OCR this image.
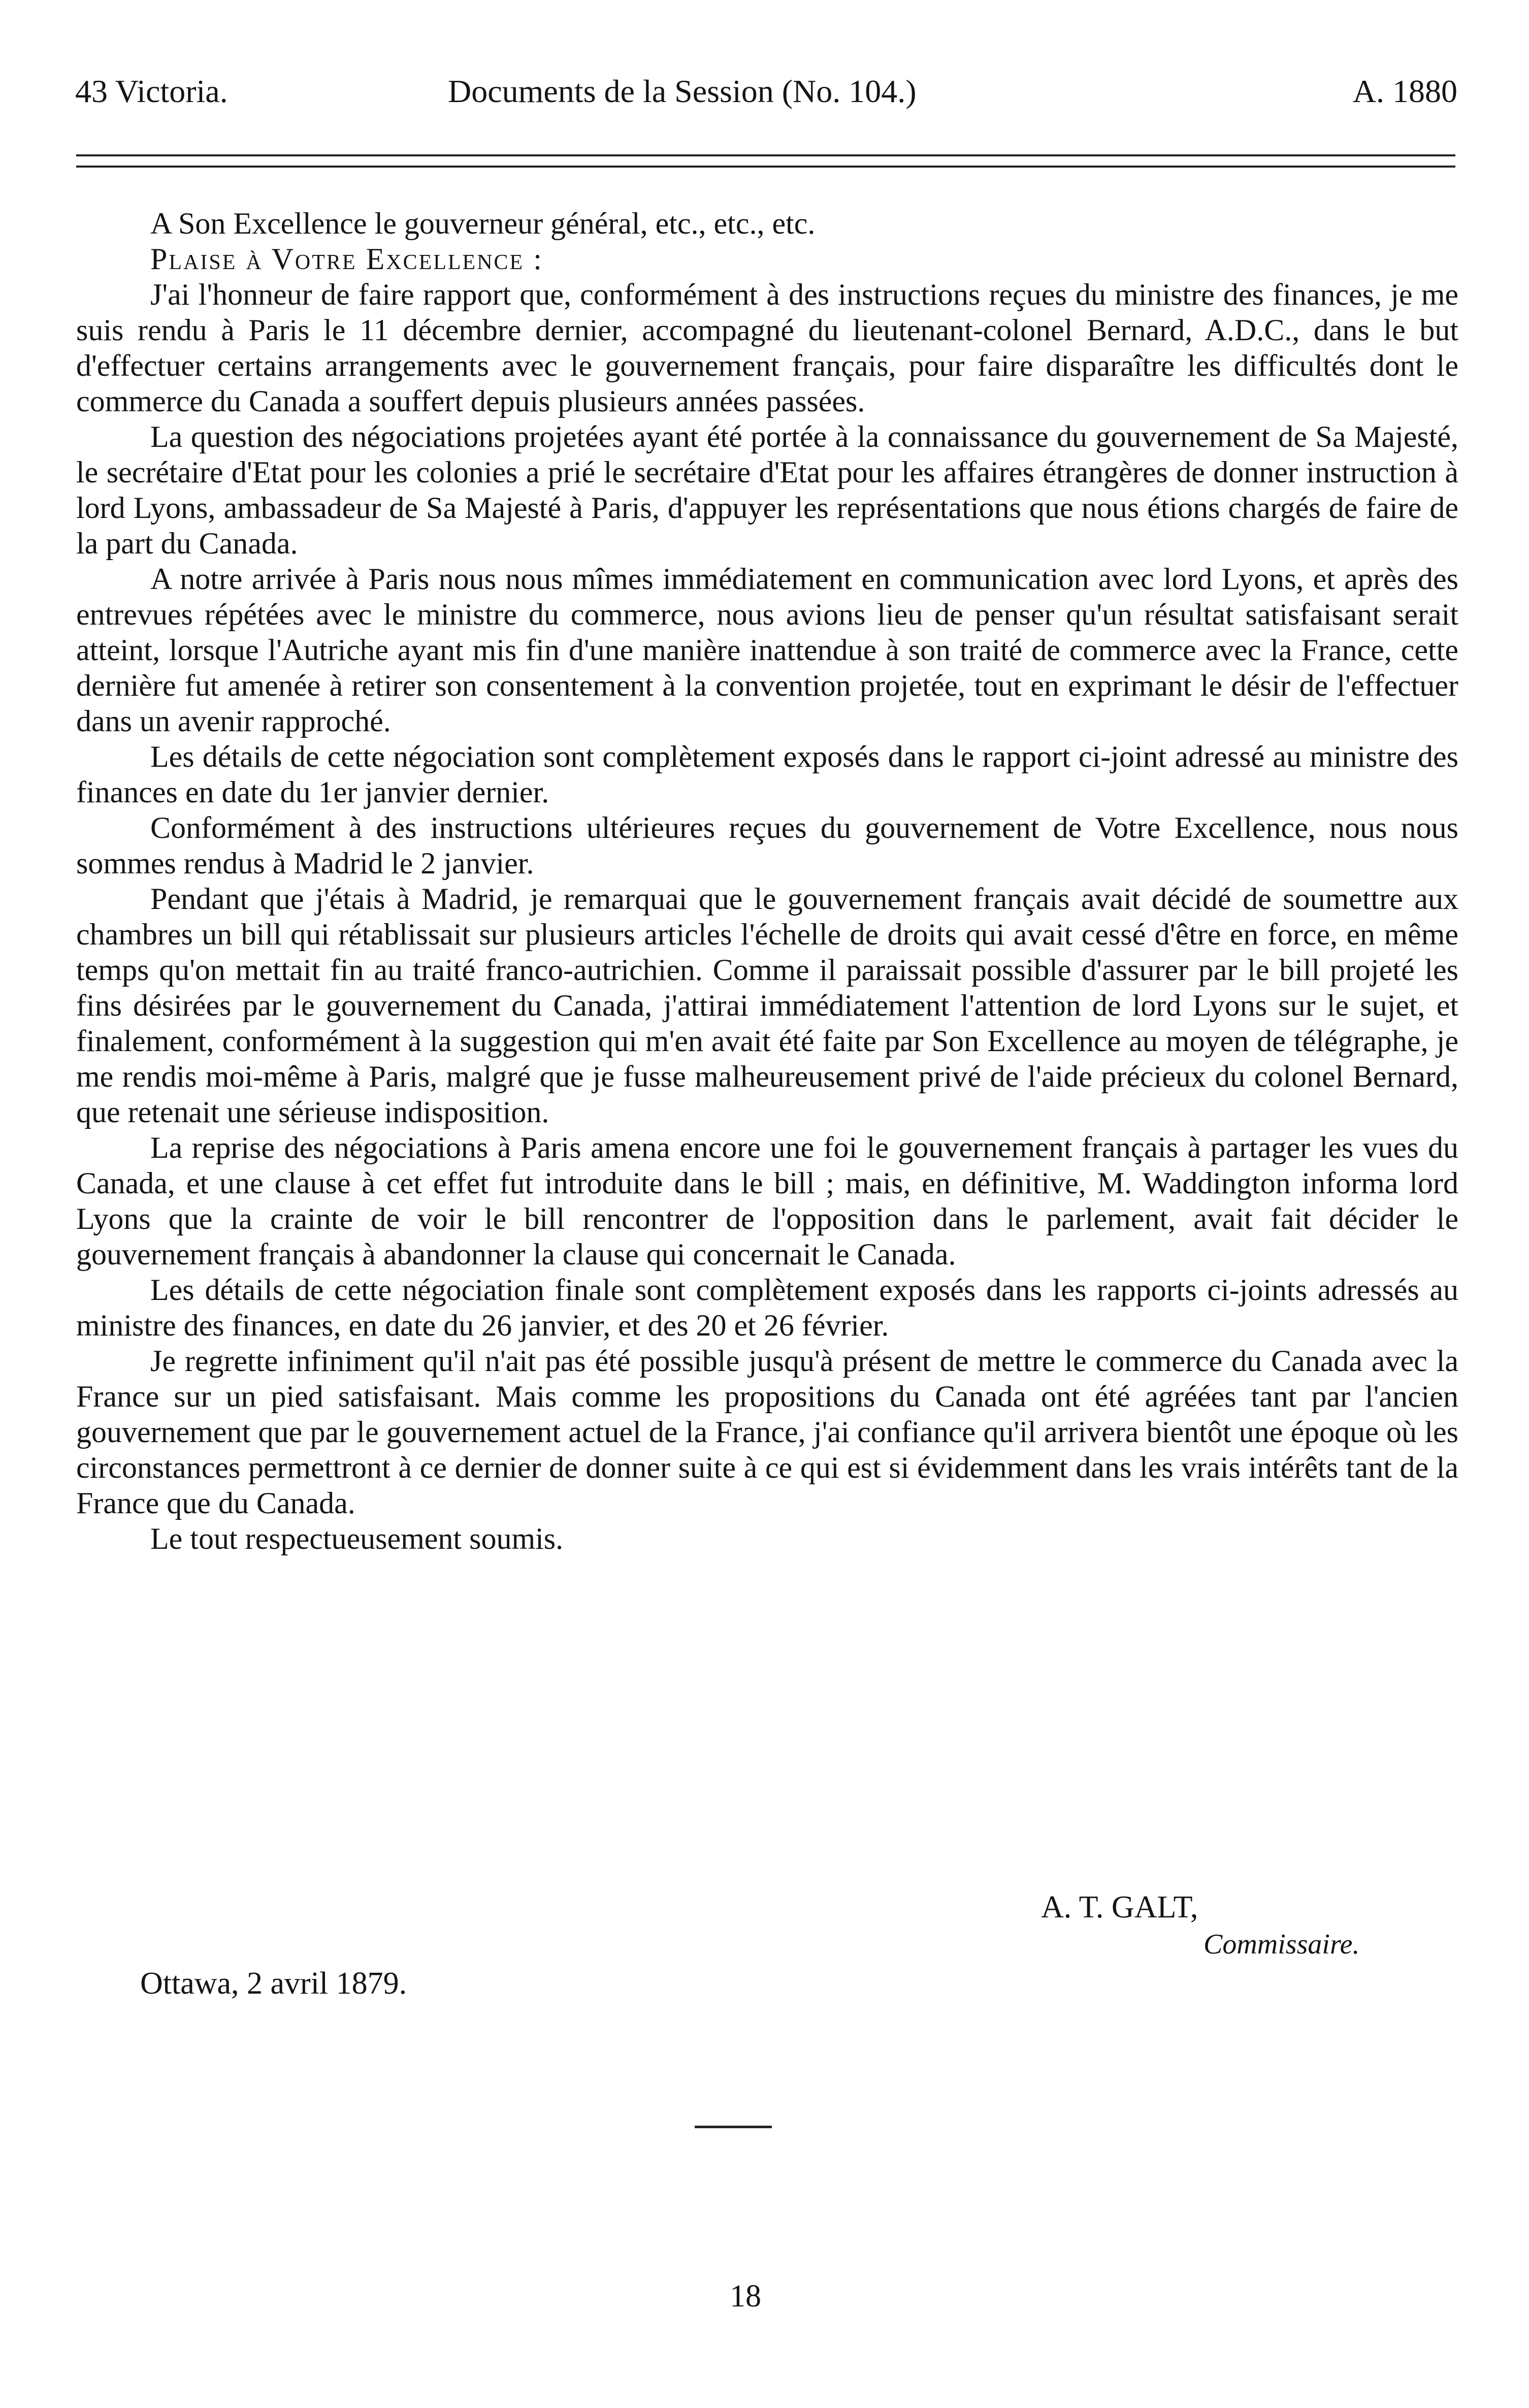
43 Victoria.	Documents de la Session (No. 104.)	A. 1880

A Son Excellence le gouverneur général, etc., etc., etc.

Plaise à Votre Excellence :

J'ai l'honneur de faire rapport que, conformément à des instructions reçues du ministre des finances, je me suis rendu à Paris le 11 décembre dernier, accompagné du lieutenant-colonel Bernard, A.D.C., dans le but d'effectuer certains arrangements avec le gouvernement français, pour faire disparaître les difficultés dont le commerce du Canada a souffert depuis plusieurs années passées.

La question des négociations projetées ayant été portée à la connaissance du gouvernement de Sa Majesté, le secrétaire d'Etat pour les colonies a prié le secrétaire d'Etat pour les affaires étrangères de donner instruction à lord Lyons, ambassadeur de Sa Majesté à Paris, d'appuyer les représentations que nous étions chargés de faire de la part du Canada.

A notre arrivée à Paris nous nous mîmes immédiatement en communication avec lord Lyons, et après des entrevues répétées avec le ministre du commerce, nous avions lieu de penser qu'un résultat satisfaisant serait atteint, lorsque l'Autriche ayant mis fin d'une manière inattendue à son traité de commerce avec la France, cette dernière fut amenée à retirer son consentement à la convention projetée, tout en exprimant le désir de l'effectuer dans un avenir rapproché.

Les détails de cette négociation sont complètement exposés dans le rapport ci-joint adressé au ministre des finances en date du 1er janvier dernier.

Conformément à des instructions ultérieures reçues du gouvernement de Votre Excellence, nous nous sommes rendus à Madrid le 2 janvier.

Pendant que j'étais à Madrid, je remarquai que le gouvernement français avait décidé de soumettre aux chambres un bill qui rétablissait sur plusieurs articles l'échelle de droits qui avait cessé d'être en force, en même temps qu'on mettait fin au traité franco-autrichien. Comme il paraissait possible d'assurer par le bill projeté les fins désirées par le gouvernement du Canada, j'attirai immédiatement l'attention de lord Lyons sur le sujet, et finalement, conformément à la suggestion qui m'en avait été faite par Son Excellence au moyen de télégraphe, je me rendis moi-même à Paris, malgré que je fusse malheureusement privé de l'aide précieux du colonel Bernard, que retenait une sérieuse indisposition.

La reprise des négociations à Paris amena encore une foi le gouvernement français à partager les vues du Canada, et une clause à cet effet fut introduite dans le bill ; mais, en définitive, M. Waddington informa lord Lyons que la crainte de voir le bill rencontrer de l'opposition dans le parlement, avait fait décider le gouvernement français à abandonner la clause qui concernait le Canada.

Les détails de cette négociation finale sont complètement exposés dans les rapports ci-joints adressés au ministre des finances, en date du 26 janvier, et des 20 et 26 février.

Je regrette infiniment qu'il n'ait pas été possible jusqu'à présent de mettre le commerce du Canada avec la France sur un pied satisfaisant. Mais comme les propositions du Canada ont été agréées tant par l'ancien gouvernement que par le gouvernement actuel de la France, j'ai confiance qu'il arrivera bientôt une époque où les circonstances permettront à ce dernier de donner suite à ce qui est si évidemment dans les vrais intérêts tant de la France que du Canada.

Le tout respectueusement soumis.

A. T. GALT,
Commissaire.
Ottawa, 2 avril 1879.
18
